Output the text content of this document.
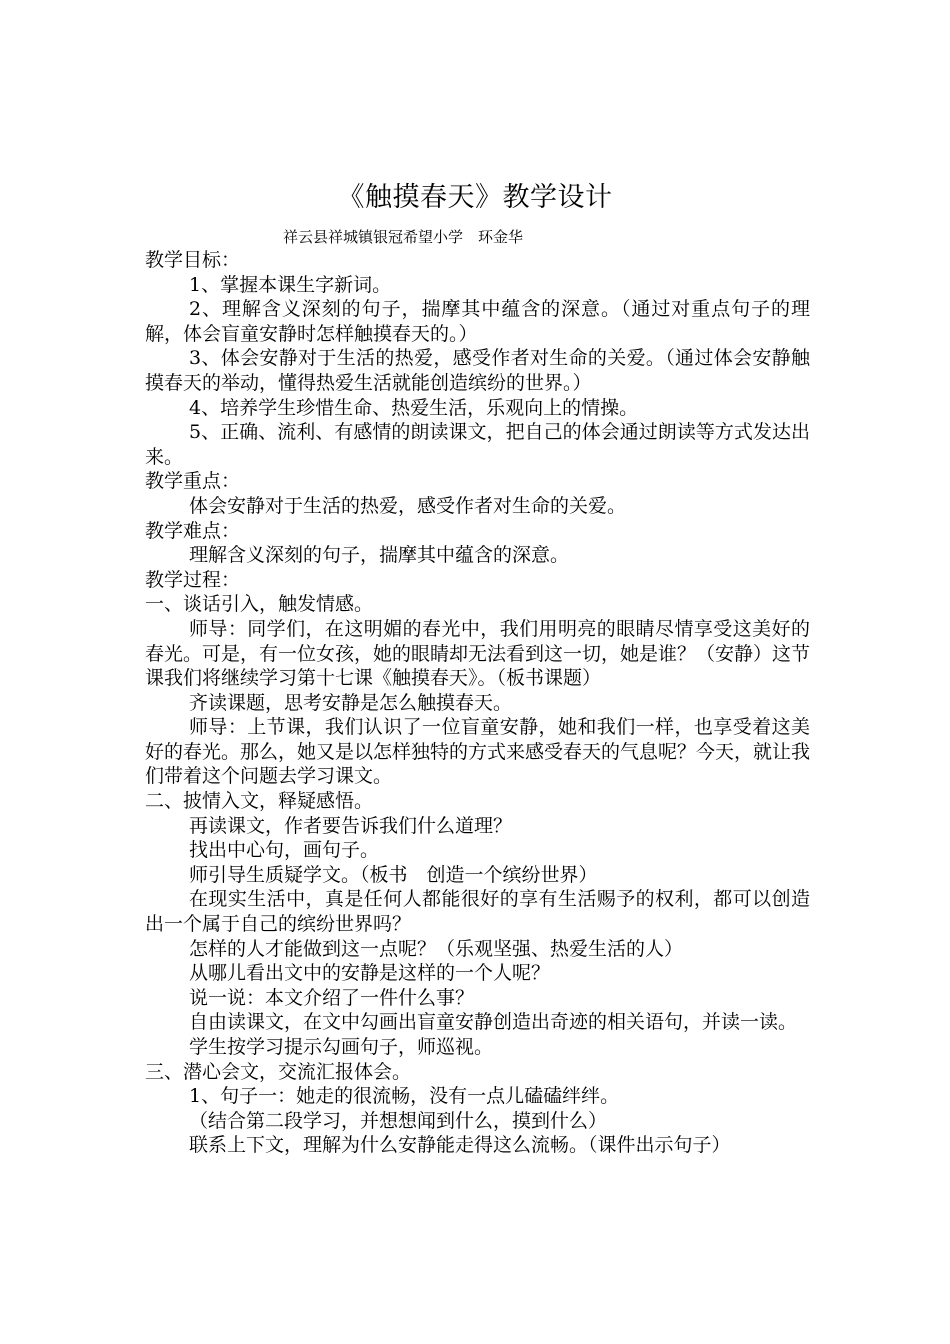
《触摸春天》教学设计
祥云县祥城镇银冠希望小学　环金华

教学目标：

1、掌握本课生字新词。

2、理解含义深刻的句子，揣摩其中蕴含的深意。（通过对重点句子的理解，体会盲童安静时怎样触摸春天的。）

3、体会安静对于生活的热爱，感受作者对生命的关爱。（通过体会安静触摸春天的举动，懂得热爱生活就能创造缤纷的世界。）

4、培养学生珍惜生命、热爱生活，乐观向上的情操。

5、正确、流利、有感情的朗读课文，把自己的体会通过朗读等方式发达出来。

教学重点：

体会安静对于生活的热爱，感受作者对生命的关爱。

教学难点：

理解含义深刻的句子，揣摩其中蕴含的深意。

教学过程：

一、谈话引入，触发情感。

师导：同学们，在这明媚的春光中，我们用明亮的眼睛尽情享受这美好的春光。可是，有一位女孩，她的眼睛却无法看到这一切，她是谁？（安静）这节课我们将继续学习第十七课《触摸春天》。（板书课题）

齐读课题，思考安静是怎么触摸春天。

师导：上节课，我们认识了一位盲童安静，她和我们一样，也享受着这美好的春光。那么，她又是以怎样独特的方式来感受春天的气息呢？今天，就让我们带着这个问题去学习课文。

二、披情入文，释疑感悟。

再读课文，作者要告诉我们什么道理？

找出中心句，画句子。

师引导生质疑学文。（板书　创造一个缤纷世界）

在现实生活中，真是任何人都能很好的享有生活赐予的权利，都可以创造出一个属于自己的缤纷世界吗？

怎样的人才能做到这一点呢？（乐观坚强、热爱生活的人）

从哪儿看出文中的安静是这样的一个人呢？

说一说：本文介绍了一件什么事？

自由读课文，在文中勾画出盲童安静创造出奇迹的相关语句，并读一读。

学生按学习提示勾画句子，师巡视。

三、潜心会文，交流汇报体会。

1、句子一：她走的很流畅，没有一点儿磕磕绊绊。

（结合第二段学习，并想想闻到什么，摸到什么）

联系上下文，理解为什么安静能走得这么流畅。（课件出示句子）
